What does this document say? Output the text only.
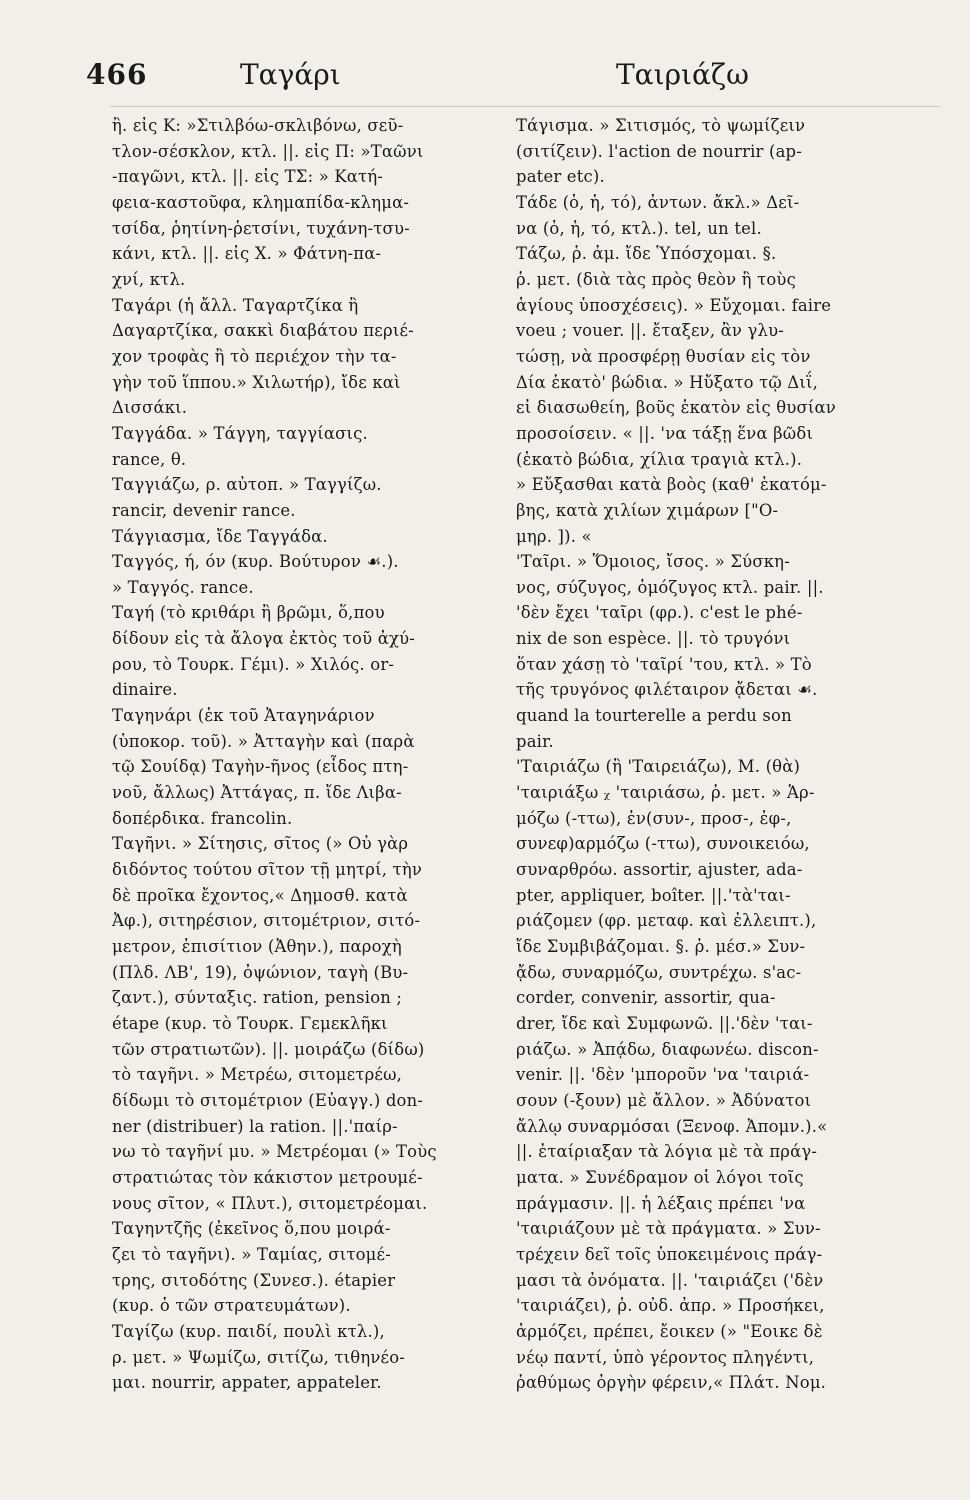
466	Ταγάρι	Ταιριάζω
ἢ. εἰς Κ: »Στιλβόω-σκλιβόνω, σεῦ-
τλον-σέσκλον, κτλ. ||. εἰς Π: »Ταῶνι
-παγῶνι, κτλ. ||. εἰς ΤΣ: » Κατή-
φεια-καστοῦφα, κλημαπίδα-κλημα-
τσίδα, ῥητίνη-ῥετσίνι, τυχάνη-τσυ-
κάνι, κτλ. ||. εἰς Χ. » Φάτνη-πα-
χνί, κτλ.
Ταγάρι (ἡ ἄλλ. Ταγαρτζίκα ἢ
Δαγαρτζίκα, σακκὶ διαβάτου περιέ-
χον τροφὰς ἢ τὸ περιέχον τὴν τα-
γὴν τοῦ ἵππου.» Χιλωτήρ), ἴδε καὶ
Δισσάκι.
Ταγγάδα. » Τάγγη, ταγγίασις.
rance, θ.
Ταγγιάζω, ρ. αὐτοπ. » Ταγγίζω.
rancir, devenir rance.
Τάγγιασμα, ἴδε Ταγγάδα.
Ταγγός, ή, όν (κυρ. Βούτυρον ☙.).
» Ταγγός. rance.
Ταγή (τὸ κριθάρι ἢ βρῶμι, ὅ,που
δίδουν εἰς τὰ ἄλογα ἐκτὸς τοῦ ἀχύ-
ρου, τὸ Τουρκ. Γέμι). » Χιλός. or-
dinaire.
Ταγηνάρι (ἐκ τοῦ Ἀταγηνάριον
(ὑποκορ. τοῦ). » Ἀτταγὴν καὶ (παρὰ
τῷ Σουίδᾳ) Ταγὴν-ῆνος (εἶδος πτη-
νοῦ, ἄλλως) Ἀττάγας, π. ἴδε Λιβα-
δοπέρδικα. francolin.
Ταγῆνι. » Σίτησις, σῖτος (» Οὐ γὰρ
διδόντος τούτου σῖτον τῇ μητρί, τὴν
δὲ προῖκα ἔχοντος,« Δημοσθ. κατὰ
Ἀφ.), σιτηρέσιον, σιτομέτριον, σιτό-
μετρον, ἐπισίτιον (Ἀθην.), παροχὴ
(Πλδ. ΛΒ', 19), ὀψώνιον, ταγὴ (Βυ-
ζαντ.), σύνταξις. ration, pension ;
étape (κυρ. τὸ Τουρκ. Γεμεκλῆκι
τῶν στρατιωτῶν). ||. μοιράζω (δίδω)
τὸ ταγῆνι. » Μετρέω, σιτομετρέω,
δίδωμι τὸ σιτομέτριον (Εὐαγγ.) don-
ner (distribuer) la ration. ||.'παίρ-
νω τὸ ταγῆνί μυ. » Μετρέομαι (» Τοὺς
στρατιώτας τὸν κάκιστον μετρουμέ-
νους σῖτον, « Πλυτ.), σιτομετρέομαι.
Ταγηντζῆς (ἐκεῖνος ὅ,που μοιρά-
ζει τὸ ταγῆνι). » Ταμίας, σιτομέ-
τρης, σιτοδότης (Συνεσ.). étapier
(κυρ. ὁ τῶν στρατευμάτων).
Ταγίζω (κυρ. παιδί, πουλὶ κτλ.),
ρ. μετ. » Ψωμίζω, σιτίζω, τιθηνέο-
μαι. nourrir, appater, appateler.
Τάγισμα. » Σιτισμός, τὸ ψωμίζειν
(σιτίζειν). l'action de nourrir (ap-
pater etc).
Τάδε (ὁ, ἡ, τό), ἀντων. ἄκλ.» Δεῖ-
να (ὁ, ἡ, τό, κτλ.). tel, un tel.
Τάζω, ῥ. ἀμ. ἴδε Ὑπόσχομαι. §.
ῥ. μετ. (διὰ τὰς πρὸς θεὸν ἢ τοὺς
ἁγίους ὑποσχέσεις). » Εὔχομαι. faire
voeu ; vouer. ||. ἔταξεν, ἂν γλυ-
τώσῃ, νὰ προσφέρῃ θυσίαν εἰς τὸν
Δία ἑκατὸ' βώδια. » Ηὔξατο τῷ Διΐ,
εἰ διασωθείη, βοῦς ἑκατὸν εἰς θυσίαν
προσοίσειν. « ||. 'να τάξῃ ἕνα βῶδι
(ἑκατὸ βώδια, χίλια τραγιὰ κτλ.).
» Εὔξασθαι κατὰ βοὸς (καθ' ἑκατόμ-
βης, κατὰ χιλίων χιμάρων ["Ο-
μηρ. ]). «
'Ταῖρι. » Ὅμοιος, ἴσος. » Σύσκη-
νος, σύζυγος, ὁμόζυγος κτλ. pair. ||.
'δὲν ἔχει 'ταῖρι (φρ.). c'est le phé-
nix de son espèce. ||. τὸ τρυγόνι
ὅταν χάσῃ τὸ 'ταῖρί 'του, κτλ. » Τὸ
τῆς τρυγόνος φιλέταιρον ᾄδεται ☙.
quand la tourterelle a perdu son
pair.
'Ταιριάζω (ἢ 'Ταιρειάζω), Μ. (θὰ)
'ταιριάξω ᵪ 'ταιριάσω, ῥ. μετ. » Ἁρ-
μόζω (-ττω), ἐν(συν-, προσ-, ἐφ-,
συνεφ)αρμόζω (-ττω), συνοικειόω,
συναρθρόω. assortir, ajuster, ada-
pter, appliquer, boîter. ||.'τὰ'ται-
ριάζομεν (φρ. μεταφ. καὶ ἐλλειπτ.),
ἴδε Συμβιβάζομαι. §. ῥ. μέσ.» Συν-
ᾄδω, συναρμόζω, συντρέχω. s'ac-
corder, convenir, assortir, qua-
drer, ἴδε καὶ Συμφωνῶ. ||.'δὲν 'ται-
ριάζω. » Ἀπᾴδω, διαφωνέω. discon-
venir. ||. 'δὲν 'μποροῦν 'να 'ταιριά-
σουν (-ξουν) μὲ ἄλλον. » Ἀδύνατοι
ἄλλῳ συναρμόσαι (Ξενοφ. Ἀπομν.).«
||. ἐταίριαξαν τὰ λόγια μὲ τὰ πράγ-
ματα. » Συνέδραμον οἱ λόγοι τοῖς
πράγμασιν. ||. ἡ λέξαις πρέπει 'να
'ταιριάζουν μὲ τὰ πράγματα. » Συν-
τρέχειν δεῖ τοῖς ὑποκειμένοις πράγ-
μασι τὰ ὀνόματα. ||. 'ταιριάζει ('δὲν
'ταιριάζει), ῥ. οὐδ. ἀπρ. » Προσήκει,
ἁρμόζει, πρέπει, ἔοικεν (» "Εοικε δὲ
νέῳ παντί, ὑπὸ γέροντος πληγέντι,
ῥαθύμως ὀργὴν φέρειν,« Πλάτ. Νομ.
